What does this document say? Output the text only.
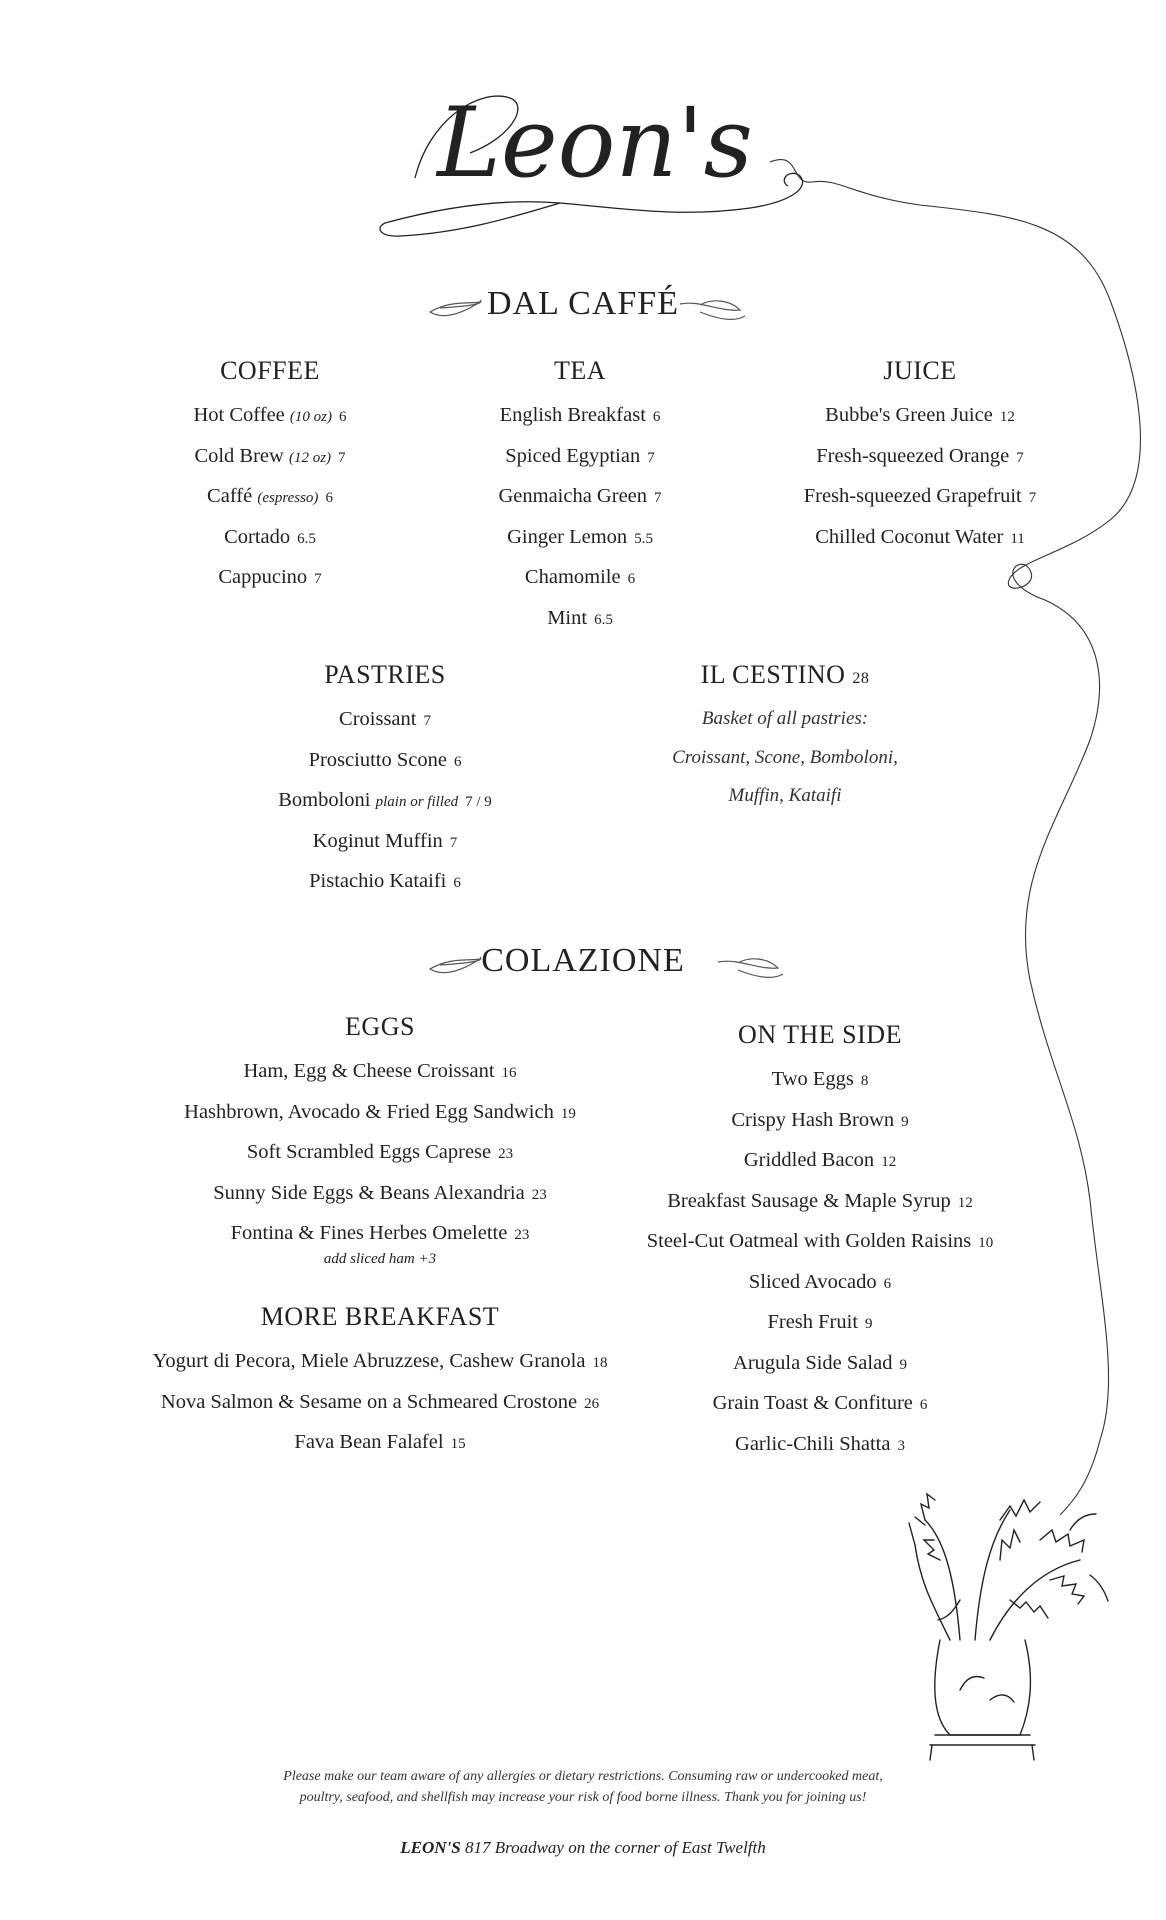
Leon's
DAL CAFFÉ
COLAZIONE
COFFEE
Hot Coffee (10 oz) 6
Cold Brew (12 oz) 7
Caffé (espresso) 6
Cortado 6.5
Cappucino 7
TEA
English Breakfast 6
Spiced Egyptian 7
Genmaicha Green 7
Ginger Lemon 5.5
Chamomile 6
Mint 6.5
JUICE
Bubbe's Green Juice 12
Fresh-squeezed Orange 7
Fresh-squeezed Grapefruit 7
Chilled Coconut Water 11
PASTRIES
Croissant 7
Prosciutto Scone 6
Bomboloni plain or filled 7 / 9
Koginut Muffin 7
Pistachio Kataifi 6
IL CESTINO 28
Basket of all pastries:
Croissant, Scone, Bomboloni,
Muffin, Kataifi
EGGS
Ham, Egg & Cheese Croissant 16
Hashbrown, Avocado & Fried Egg Sandwich 19
Soft Scrambled Eggs Caprese 23
Sunny Side Eggs & Beans Alexandria 23
Fontina & Fines Herbes Omelette 23
add sliced ham +3
MORE BREAKFAST
Yogurt di Pecora, Miele Abruzzese, Cashew Granola 18
Nova Salmon & Sesame on a Schmeared Crostone 26
Fava Bean Falafel 15
ON THE SIDE
Two Eggs 8
Crispy Hash Brown 9
Griddled Bacon 12
Breakfast Sausage & Maple Syrup 12
Steel-Cut Oatmeal with Golden Raisins 10
Sliced Avocado 6
Fresh Fruit 9
Arugula Side Salad 9
Grain Toast & Confiture 6
Garlic-Chili Shatta 3
Please make our team aware of any allergies or dietary restrictions. Consuming raw or undercooked meat,
poultry, seafood, and shellfish may increase your risk of food borne illness. Thank you for joining us!
LEON'S 817 Broadway on the corner of East Twelfth
